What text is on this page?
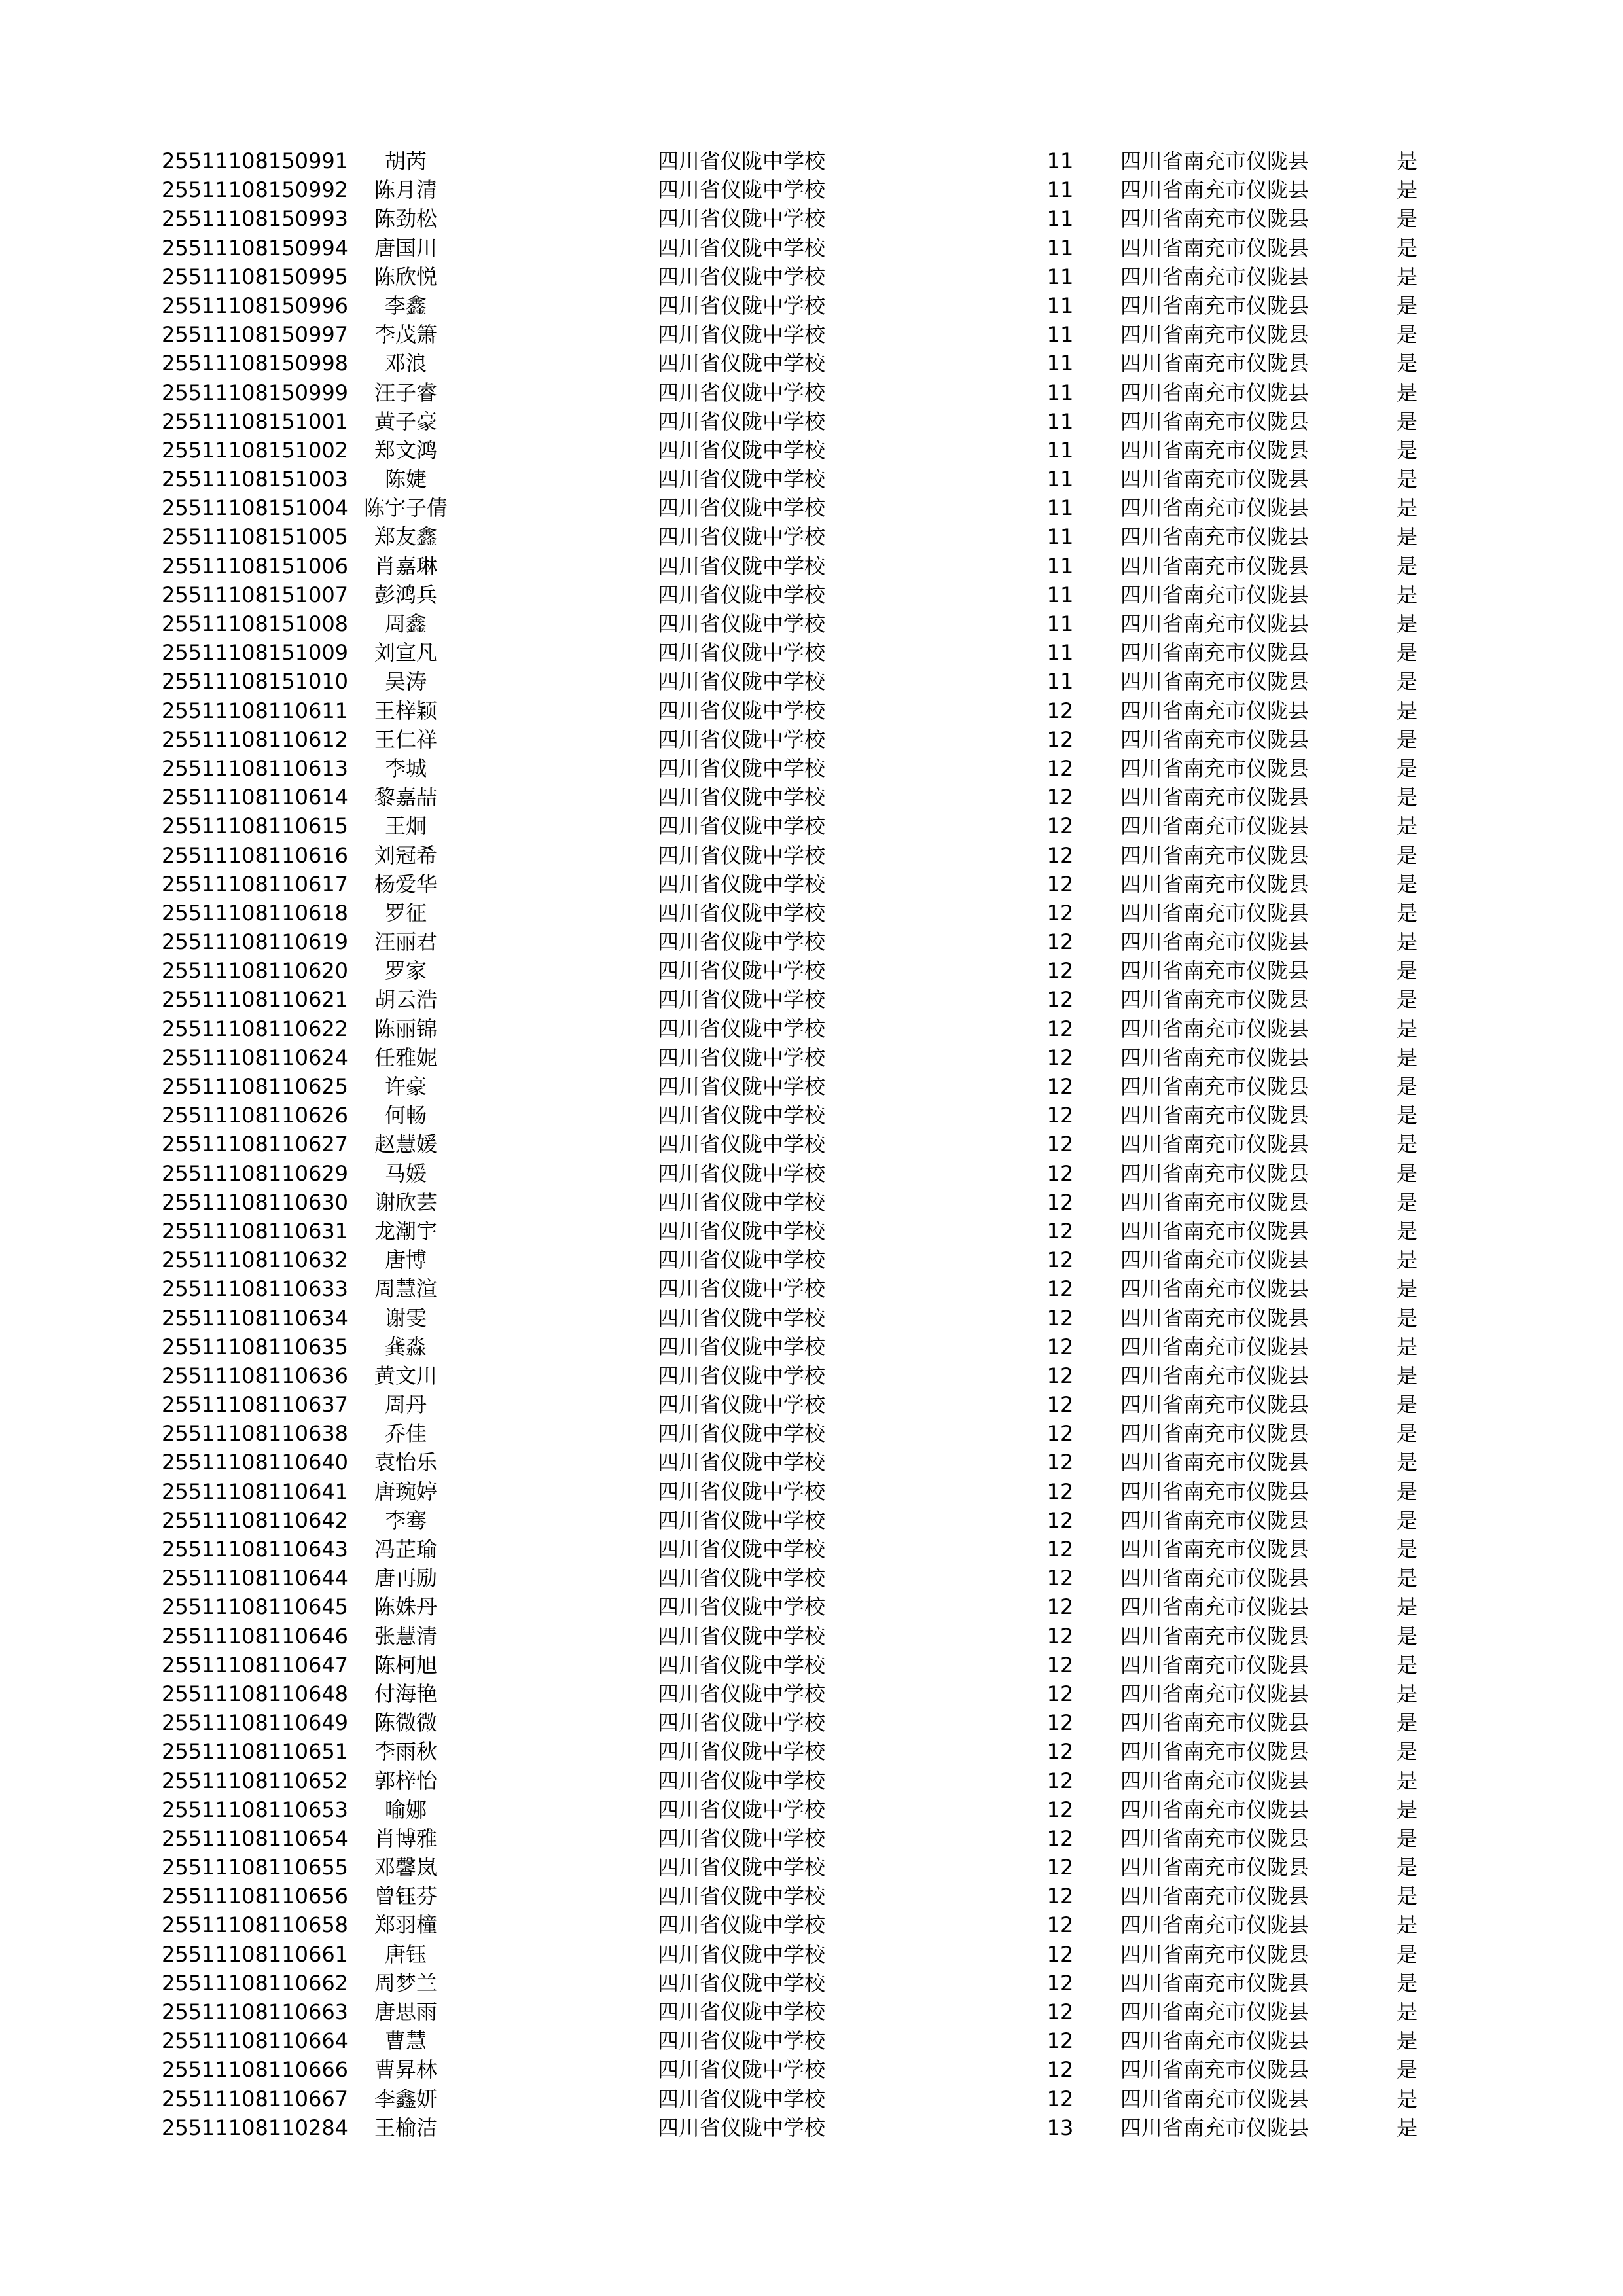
25511108150991	胡芮	四川省仪陇中学校	11	四川省南充市仪陇县	是
25511108150992	陈月清	四川省仪陇中学校	11	四川省南充市仪陇县	是
25511108150993	陈劲松	四川省仪陇中学校	11	四川省南充市仪陇县	是
25511108150994	唐国川	四川省仪陇中学校	11	四川省南充市仪陇县	是
25511108150995	陈欣悦	四川省仪陇中学校	11	四川省南充市仪陇县	是
25511108150996	李鑫	四川省仪陇中学校	11	四川省南充市仪陇县	是
25511108150997	李茂箫	四川省仪陇中学校	11	四川省南充市仪陇县	是
25511108150998	邓浪	四川省仪陇中学校	11	四川省南充市仪陇县	是
25511108150999	汪子睿	四川省仪陇中学校	11	四川省南充市仪陇县	是
25511108151001	黄子豪	四川省仪陇中学校	11	四川省南充市仪陇县	是
25511108151002	郑文鸿	四川省仪陇中学校	11	四川省南充市仪陇县	是
25511108151003	陈婕	四川省仪陇中学校	11	四川省南充市仪陇县	是
25511108151004 陈宇子倩	四川省仪陇中学校	11	四川省南充市仪陇县	是
25511108151005	郑友鑫	四川省仪陇中学校	11	四川省南充市仪陇县	是
25511108151006	肖嘉琳	四川省仪陇中学校	11	四川省南充市仪陇县	是
25511108151007	彭鸿兵	四川省仪陇中学校	11	四川省南充市仪陇县	是
25511108151008	周鑫	四川省仪陇中学校	11	四川省南充市仪陇县	是
25511108151009	刘宣凡	四川省仪陇中学校	11	四川省南充市仪陇县	是
25511108151010	吴涛	四川省仪陇中学校	11	四川省南充市仪陇县	是
25511108110611	王梓颖	四川省仪陇中学校	12	四川省南充市仪陇县	是
25511108110612	王仁祥	四川省仪陇中学校	12	四川省南充市仪陇县	是
25511108110613	李城	四川省仪陇中学校	12	四川省南充市仪陇县	是
25511108110614	黎嘉喆	四川省仪陇中学校	12	四川省南充市仪陇县	是
25511108110615	王炯	四川省仪陇中学校	12	四川省南充市仪陇县	是
25511108110616	刘冠希	四川省仪陇中学校	12	四川省南充市仪陇县	是
25511108110617	杨爱华	四川省仪陇中学校	12	四川省南充市仪陇县	是
25511108110618	罗征	四川省仪陇中学校	12	四川省南充市仪陇县	是
25511108110619	汪丽君	四川省仪陇中学校	12	四川省南充市仪陇县	是
25511108110620	罗家	四川省仪陇中学校	12	四川省南充市仪陇县	是
25511108110621	胡云浩	四川省仪陇中学校	12	四川省南充市仪陇县	是
25511108110622	陈丽锦	四川省仪陇中学校	12	四川省南充市仪陇县	是
25511108110624	任雅妮	四川省仪陇中学校	12	四川省南充市仪陇县	是
25511108110625	许豪	四川省仪陇中学校	12	四川省南充市仪陇县	是
25511108110626	何畅	四川省仪陇中学校	12	四川省南充市仪陇县	是
25511108110627	赵慧媛	四川省仪陇中学校	12	四川省南充市仪陇县	是
25511108110629	马媛	四川省仪陇中学校	12	四川省南充市仪陇县	是
25511108110630	谢欣芸	四川省仪陇中学校	12	四川省南充市仪陇县	是
25511108110631	龙潮宇	四川省仪陇中学校	12	四川省南充市仪陇县	是
25511108110632	唐博	四川省仪陇中学校	12	四川省南充市仪陇县	是
25511108110633	周慧渲	四川省仪陇中学校	12	四川省南充市仪陇县	是
25511108110634	谢雯	四川省仪陇中学校	12	四川省南充市仪陇县	是
25511108110635	龚淼	四川省仪陇中学校	12	四川省南充市仪陇县	是
25511108110636	黄文川	四川省仪陇中学校	12	四川省南充市仪陇县	是
25511108110637	周丹	四川省仪陇中学校	12	四川省南充市仪陇县	是
25511108110638	乔佳	四川省仪陇中学校	12	四川省南充市仪陇县	是
25511108110640	袁怡乐	四川省仪陇中学校	12	四川省南充市仪陇县	是
25511108110641	唐琬婷	四川省仪陇中学校	12	四川省南充市仪陇县	是
25511108110642	李骞	四川省仪陇中学校	12	四川省南充市仪陇县	是
25511108110643	冯芷瑜	四川省仪陇中学校	12	四川省南充市仪陇县	是
25511108110644	唐再励	四川省仪陇中学校	12	四川省南充市仪陇县	是
25511108110645	陈姝丹	四川省仪陇中学校	12	四川省南充市仪陇县	是
25511108110646	张慧清	四川省仪陇中学校	12	四川省南充市仪陇县	是
25511108110647	陈柯旭	四川省仪陇中学校	12	四川省南充市仪陇县	是
25511108110648	付海艳	四川省仪陇中学校	12	四川省南充市仪陇县	是
25511108110649	陈微微	四川省仪陇中学校	12	四川省南充市仪陇县	是
25511108110651	李雨秋	四川省仪陇中学校	12	四川省南充市仪陇县	是
25511108110652	郭梓怡	四川省仪陇中学校	12	四川省南充市仪陇县	是
25511108110653	喻娜	四川省仪陇中学校	12	四川省南充市仪陇县	是
25511108110654	肖博雅	四川省仪陇中学校	12	四川省南充市仪陇县	是
25511108110655	邓馨岚	四川省仪陇中学校	12	四川省南充市仪陇县	是
25511108110656	曾钰芬	四川省仪陇中学校	12	四川省南充市仪陇县	是
25511108110658	郑羽橦	四川省仪陇中学校	12	四川省南充市仪陇县	是
25511108110661	唐钰	四川省仪陇中学校	12	四川省南充市仪陇县	是
25511108110662	周梦兰	四川省仪陇中学校	12	四川省南充市仪陇县	是
25511108110663	唐思雨	四川省仪陇中学校	12	四川省南充市仪陇县	是
25511108110664	曹慧	四川省仪陇中学校	12	四川省南充市仪陇县	是
25511108110666	曹昇林	四川省仪陇中学校	12	四川省南充市仪陇县	是
25511108110667	李鑫妍	四川省仪陇中学校	12	四川省南充市仪陇县	是
25511108110284	王榆洁	四川省仪陇中学校	13	四川省南充市仪陇县	是
